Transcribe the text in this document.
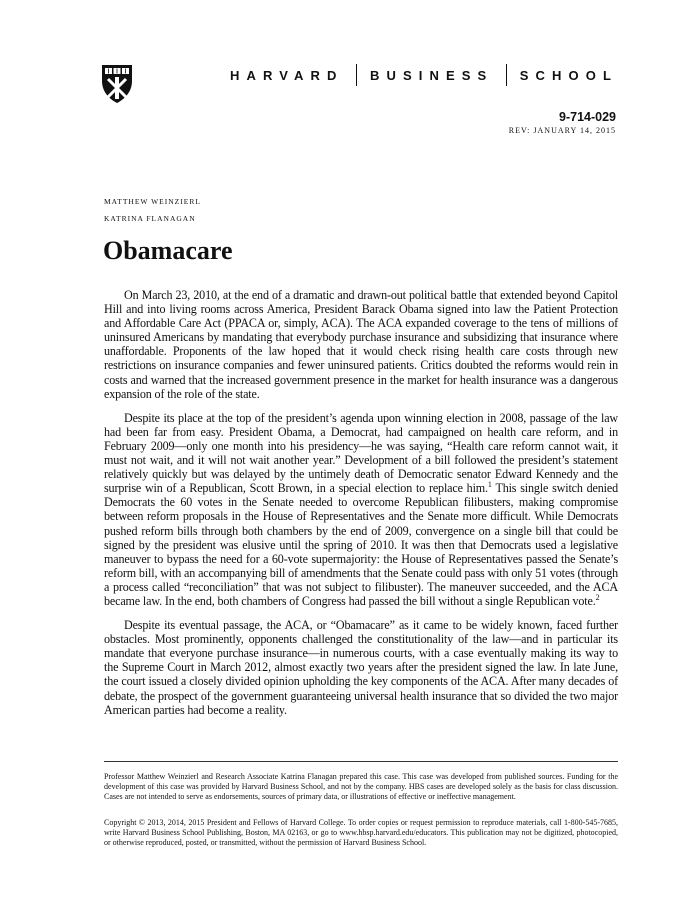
HARVARD BUSINESS SCHOOL
9-714-029
REV: JANUARY 14, 2015
MATTHEW WEINZIERL
KATRINA FLANAGAN
Obamacare

On March 23, 2010, at the end of a dramatic and drawn-out political battle that extended beyond Capitol Hill and into living rooms across America, President Barack Obama signed into law the Patient Protection and Affordable Care Act (PPACA or, simply, ACA). The ACA expanded coverage to the tens of millions of uninsured Americans by mandating that everybody purchase insurance and subsidizing that insurance where unaffordable. Proponents of the law hoped that it would check rising health care costs through new restrictions on insurance companies and fewer uninsured patients. Critics doubted the reforms would rein in costs and warned that the increased government presence in the market for health insurance was a dangerous expansion of the role of the state.

Despite its place at the top of the president’s agenda upon winning election in 2008, passage of the law had been far from easy. President Obama, a Democrat, had campaigned on health care reform, and in February 2009—only one month into his presidency—he was saying, “Health care reform cannot wait, it must not wait, and it will not wait another year.” Development of a bill followed the president’s statement relatively quickly but was delayed by the untimely death of Democratic senator Edward Kennedy and the surprise win of a Republican, Scott Brown, in a special election to replace him.$^1$ This single switch denied Democrats the 60 votes in the Senate needed to overcome Republican filibusters, making compromise between reform proposals in the House of Representatives and the Senate more difficult. While Democrats pushed reform bills through both chambers by the end of 2009, convergence on a single bill that could be signed by the president was elusive until the spring of 2010. It was then that Democrats used a legislative maneuver to bypass the need for a 60-vote supermajority: the House of Representatives passed the Senate’s reform bill, with an accompanying bill of amendments that the Senate could pass with only 51 votes (through a process called “reconciliation” that was not subject to filibuster). The maneuver succeeded, and the ACA became law. In the end, both chambers of Congress had passed the bill without a single Republican vote.$^2$

Despite its eventual passage, the ACA, or “Obamacare” as it came to be widely known, faced further obstacles. Most prominently, opponents challenged the constitutionality of the law—and in particular its mandate that everyone purchase insurance—in numerous courts, with a case eventually making its way to the Supreme Court in March 2012, almost exactly two years after the president signed the law. In late June, the court issued a closely divided opinion upholding the key components of the ACA. After many decades of debate, the prospect of the government guaranteeing universal health insurance that so divided the two major American parties had become a reality.

Professor Matthew Weinzierl and Research Associate Katrina Flanagan prepared this case. This case was developed from published sources. Funding for the development of this case was provided by Harvard Business School, and not by the company. HBS cases are developed solely as the basis for class discussion. Cases are not intended to serve as endorsements, sources of primary data, or illustrations of effective or ineffective management.

Copyright © 2013, 2014, 2015 President and Fellows of Harvard College. To order copies or request permission to reproduce materials, call 1-800-545-7685, write Harvard Business School Publishing, Boston, MA 02163, or go to www.hbsp.harvard.edu/educators. This publication may not be digitized, photocopied, or otherwise reproduced, posted, or transmitted, without the permission of Harvard Business School.
